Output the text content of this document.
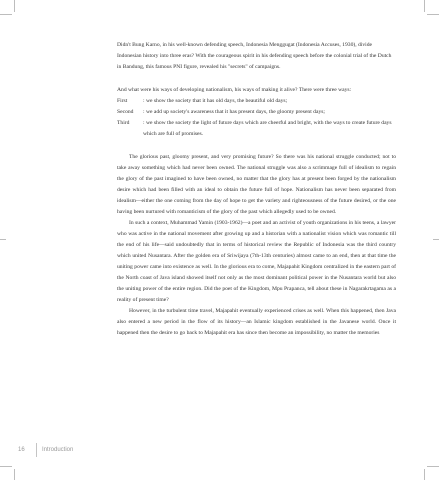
Didn't Bung Karno, in his well-known defending speech, Indonesia Menggugat (Indonesia Accuses, 1930), divide Indonesian history into three eras? With the courageous spirit in his defending speech before the colonial trial of the Dutch in Bandung, this famous PNI figure, revealed his "secrets" of campaigns.

And what were his ways of developing nationalism, his ways of making it alive? There were three ways:

First	: we show the society that it has old days, the beautiful old days;
Second	: we add up society's awareness that it has present days, the gloomy present days;
Third	: we show the society the light of future days which are cheerful and bright, with the ways to create future days which are full of promises.

The glorious past, gloomy present, and very promising future? So there was his national struggle conducted; not to take away something which had never been owned. The national struggle was also a scrimmage full of idealism to regain the glory of the past imagined to have been owned, no matter that the glory has at present been forged by the nationalism desire which had been filled with an ideal to obtain the future full of hope. Nationalism has never been separated from idealism—either the one coming from the day of hope to get the variety and righteousness of the future desired, or the one having been nurtured with romanticism of the glory of the past which allegedly used to be owned.

In such a context, Muhammad Yamin (1903-1962)—a poet and an activist of youth organizations in his teens, a lawyer who was active in the national movement after growing up and a historian with a nationalist vision which was romantic till the end of his life—said undoubtedly that in terms of historical review the Republic of Indonesia was the third country which united Nusantara. After the golden era of Sriwijaya (7th-13th centuries) almost came to an end, then at that time the uniting power came into existence as well. In the glorious era to come, Majapahit Kingdom centralized in the eastern part of the North coast of Java island showed itself not only as the most dominant political power in the Nusantara world but also the uniting power of the entire region. Did the poet of the Kingdom, Mpu Prapanca, tell about these in Nagarakrtagama as a reality of present time?

However, in the turbulent time travel, Majapahit eventually experienced crises as well. When this happened, then Java also entered a new period in the flow of its history—an Islamic kingdom established in the Javanese world. Once it happened then the desire to go back to Majapahit era has since then become an impossibility, no matter the memories

16	Introduction
